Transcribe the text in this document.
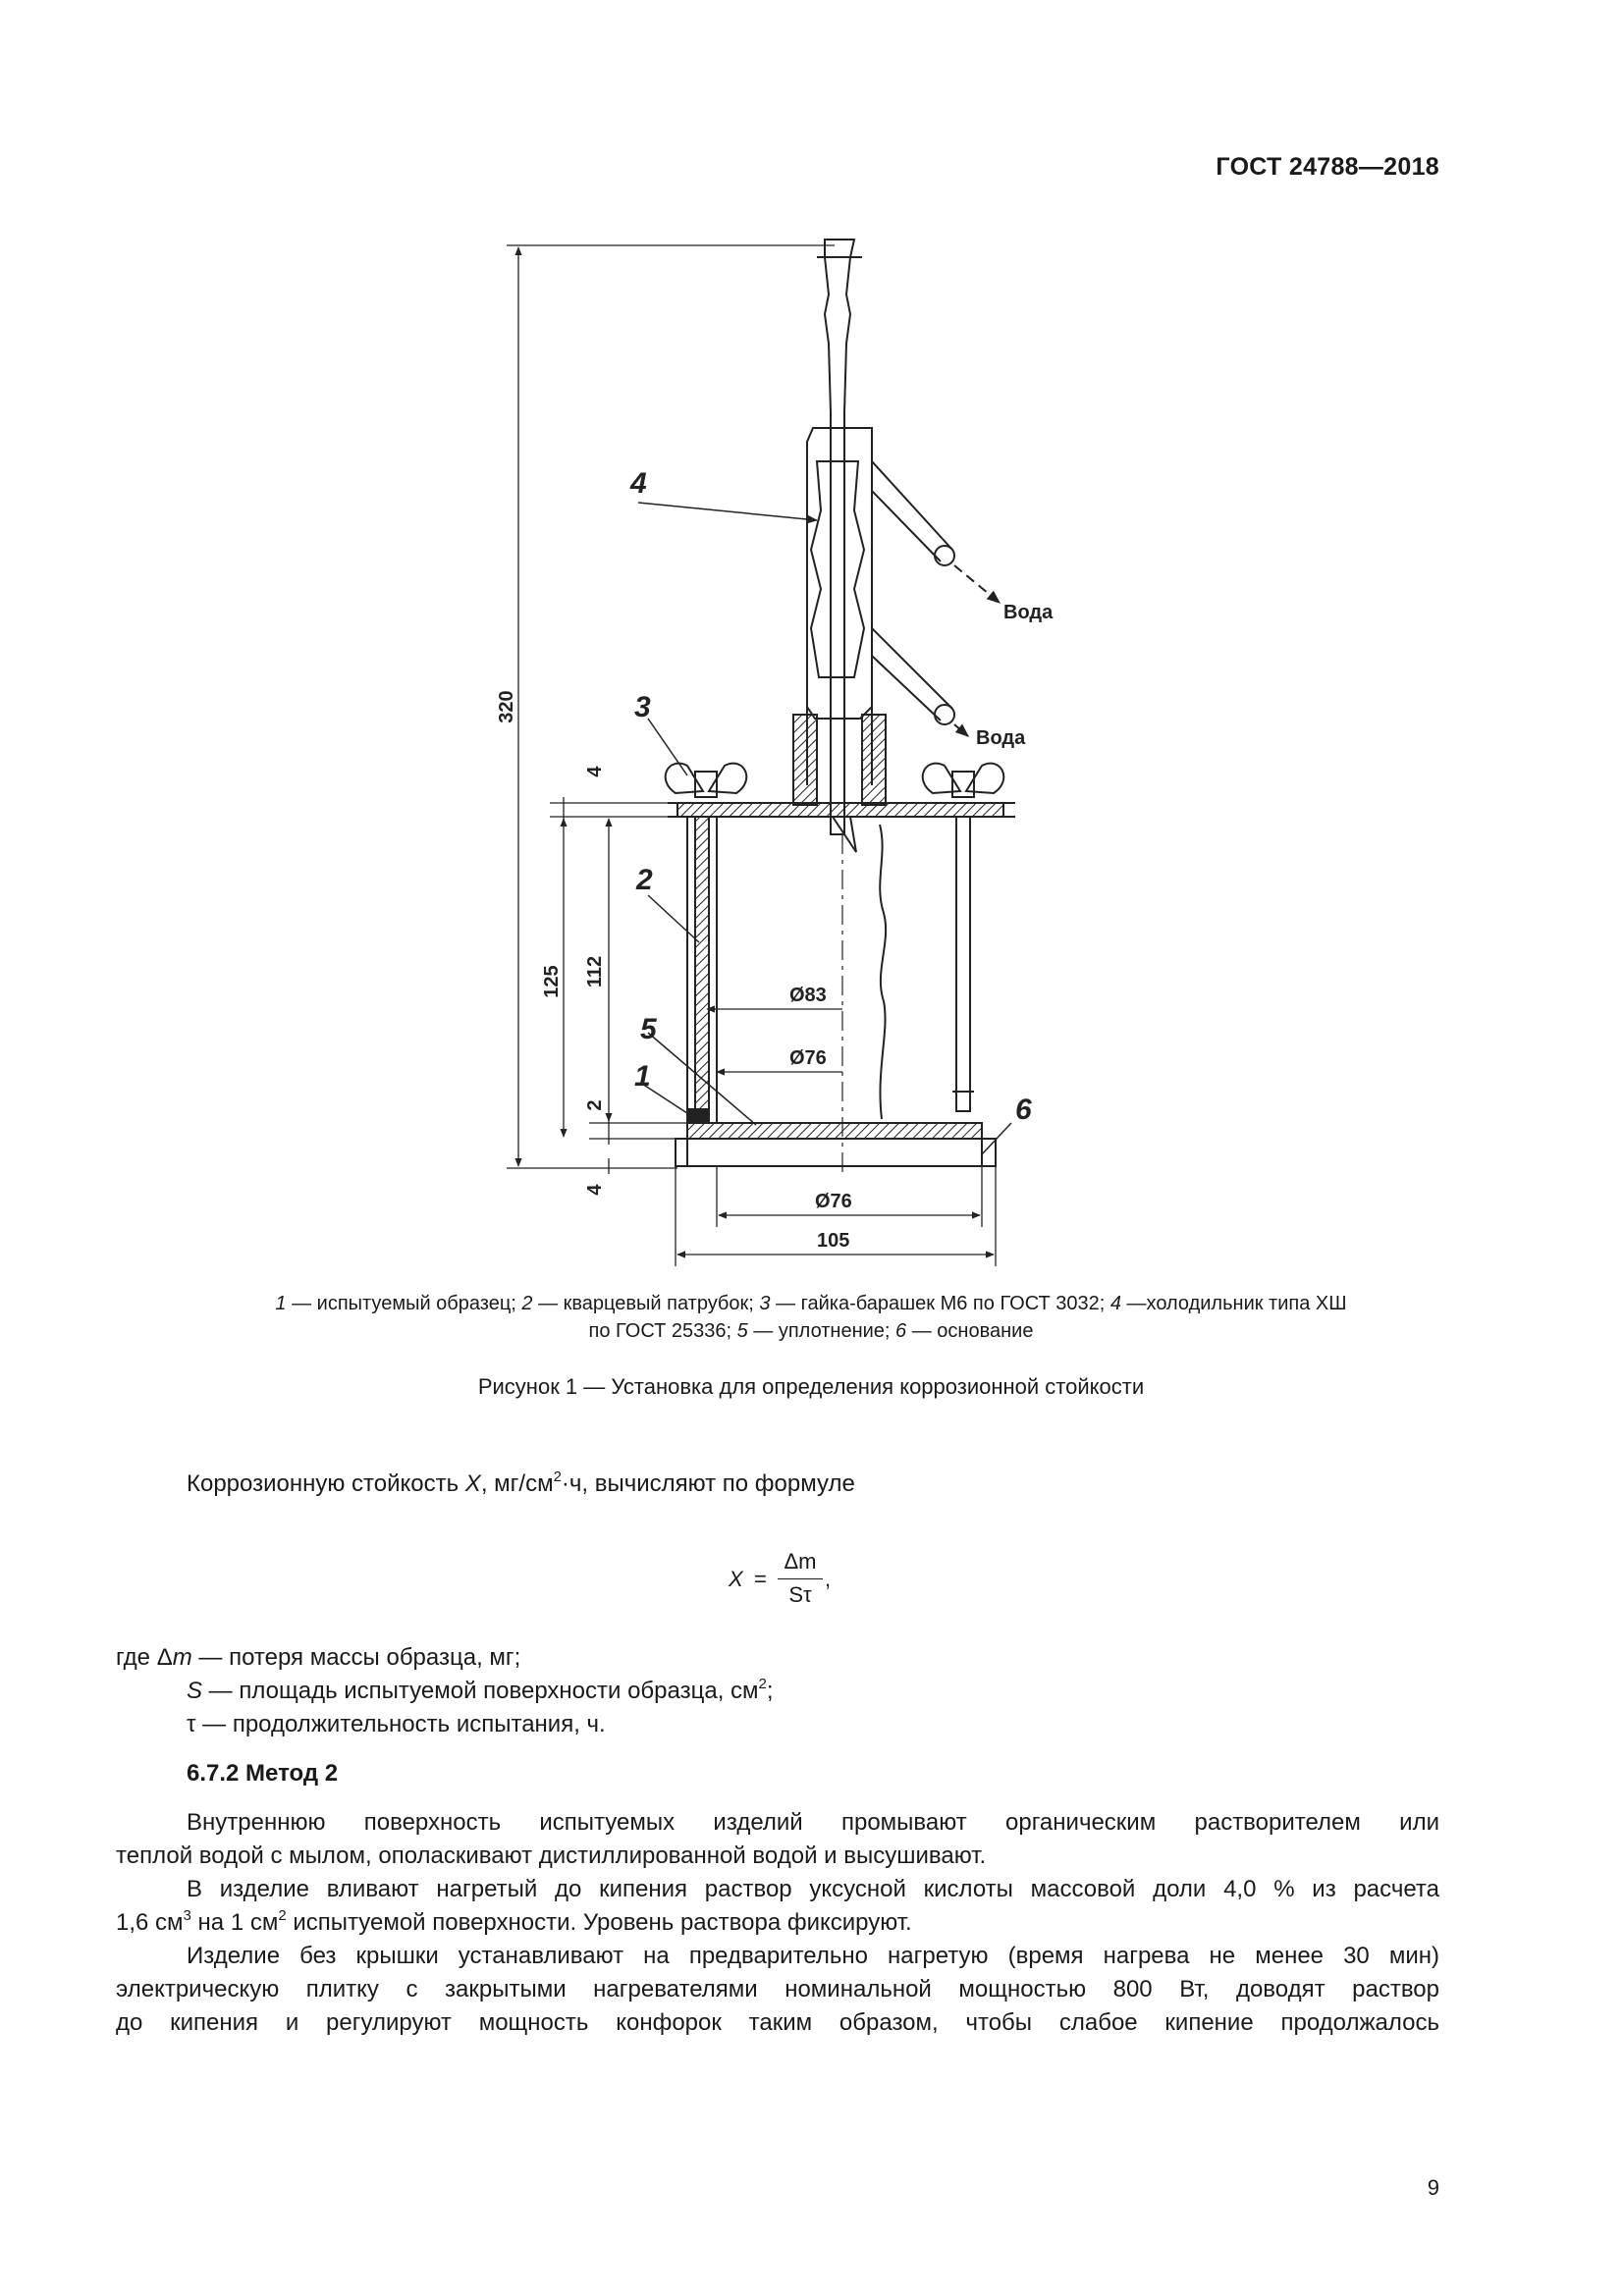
ГОСТ 24788—2018
4
3
2
5
1
6
Вода
Вода
320
4
112
125
2
4
Ø83
Ø76
Ø76
105
1 — испытуемый образец; 2 — кварцевый патрубок; 3 — гайка-барашек М6 по ГОСТ 3032; 4 —холодильник типа ХШ
по ГОСТ 25336; 5 — уплотнение; 6 — основание
Рисунок 1 — Установка для определения коррозионной стойкости
Коррозионную стойкость X, $мг/см^2\cdot ч$, вычисляют по формуле
X =
Δm
Sτ
,
где Δm — потеря массы образца, мг;
S — площадь испытуемой поверхности образца, $см^2$;
τ — продолжительность испытания, ч.
6.7.2 Метод 2
Внутреннюю поверхность испытуемых изделий промывают органическим растворителем или
теплой водой с мылом, ополаскивают дистиллированной водой и высушивают.
В изделие вливают нагретый до кипения раствор уксусной кислоты массовой доли 4,0 % из расчета
1,6 $см^3$ на 1 $см^2$ испытуемой поверхности. Уровень раствора фиксируют.
Изделие без крышки устанавливают на предварительно нагретую (время нагрева не менее 30 мин)
электрическую плитку с закрытыми нагревателями номинальной мощностью 800 Вт, доводят раствор
до кипения и регулируют мощность конфорок таким образом, чтобы слабое кипение продолжалось
9
